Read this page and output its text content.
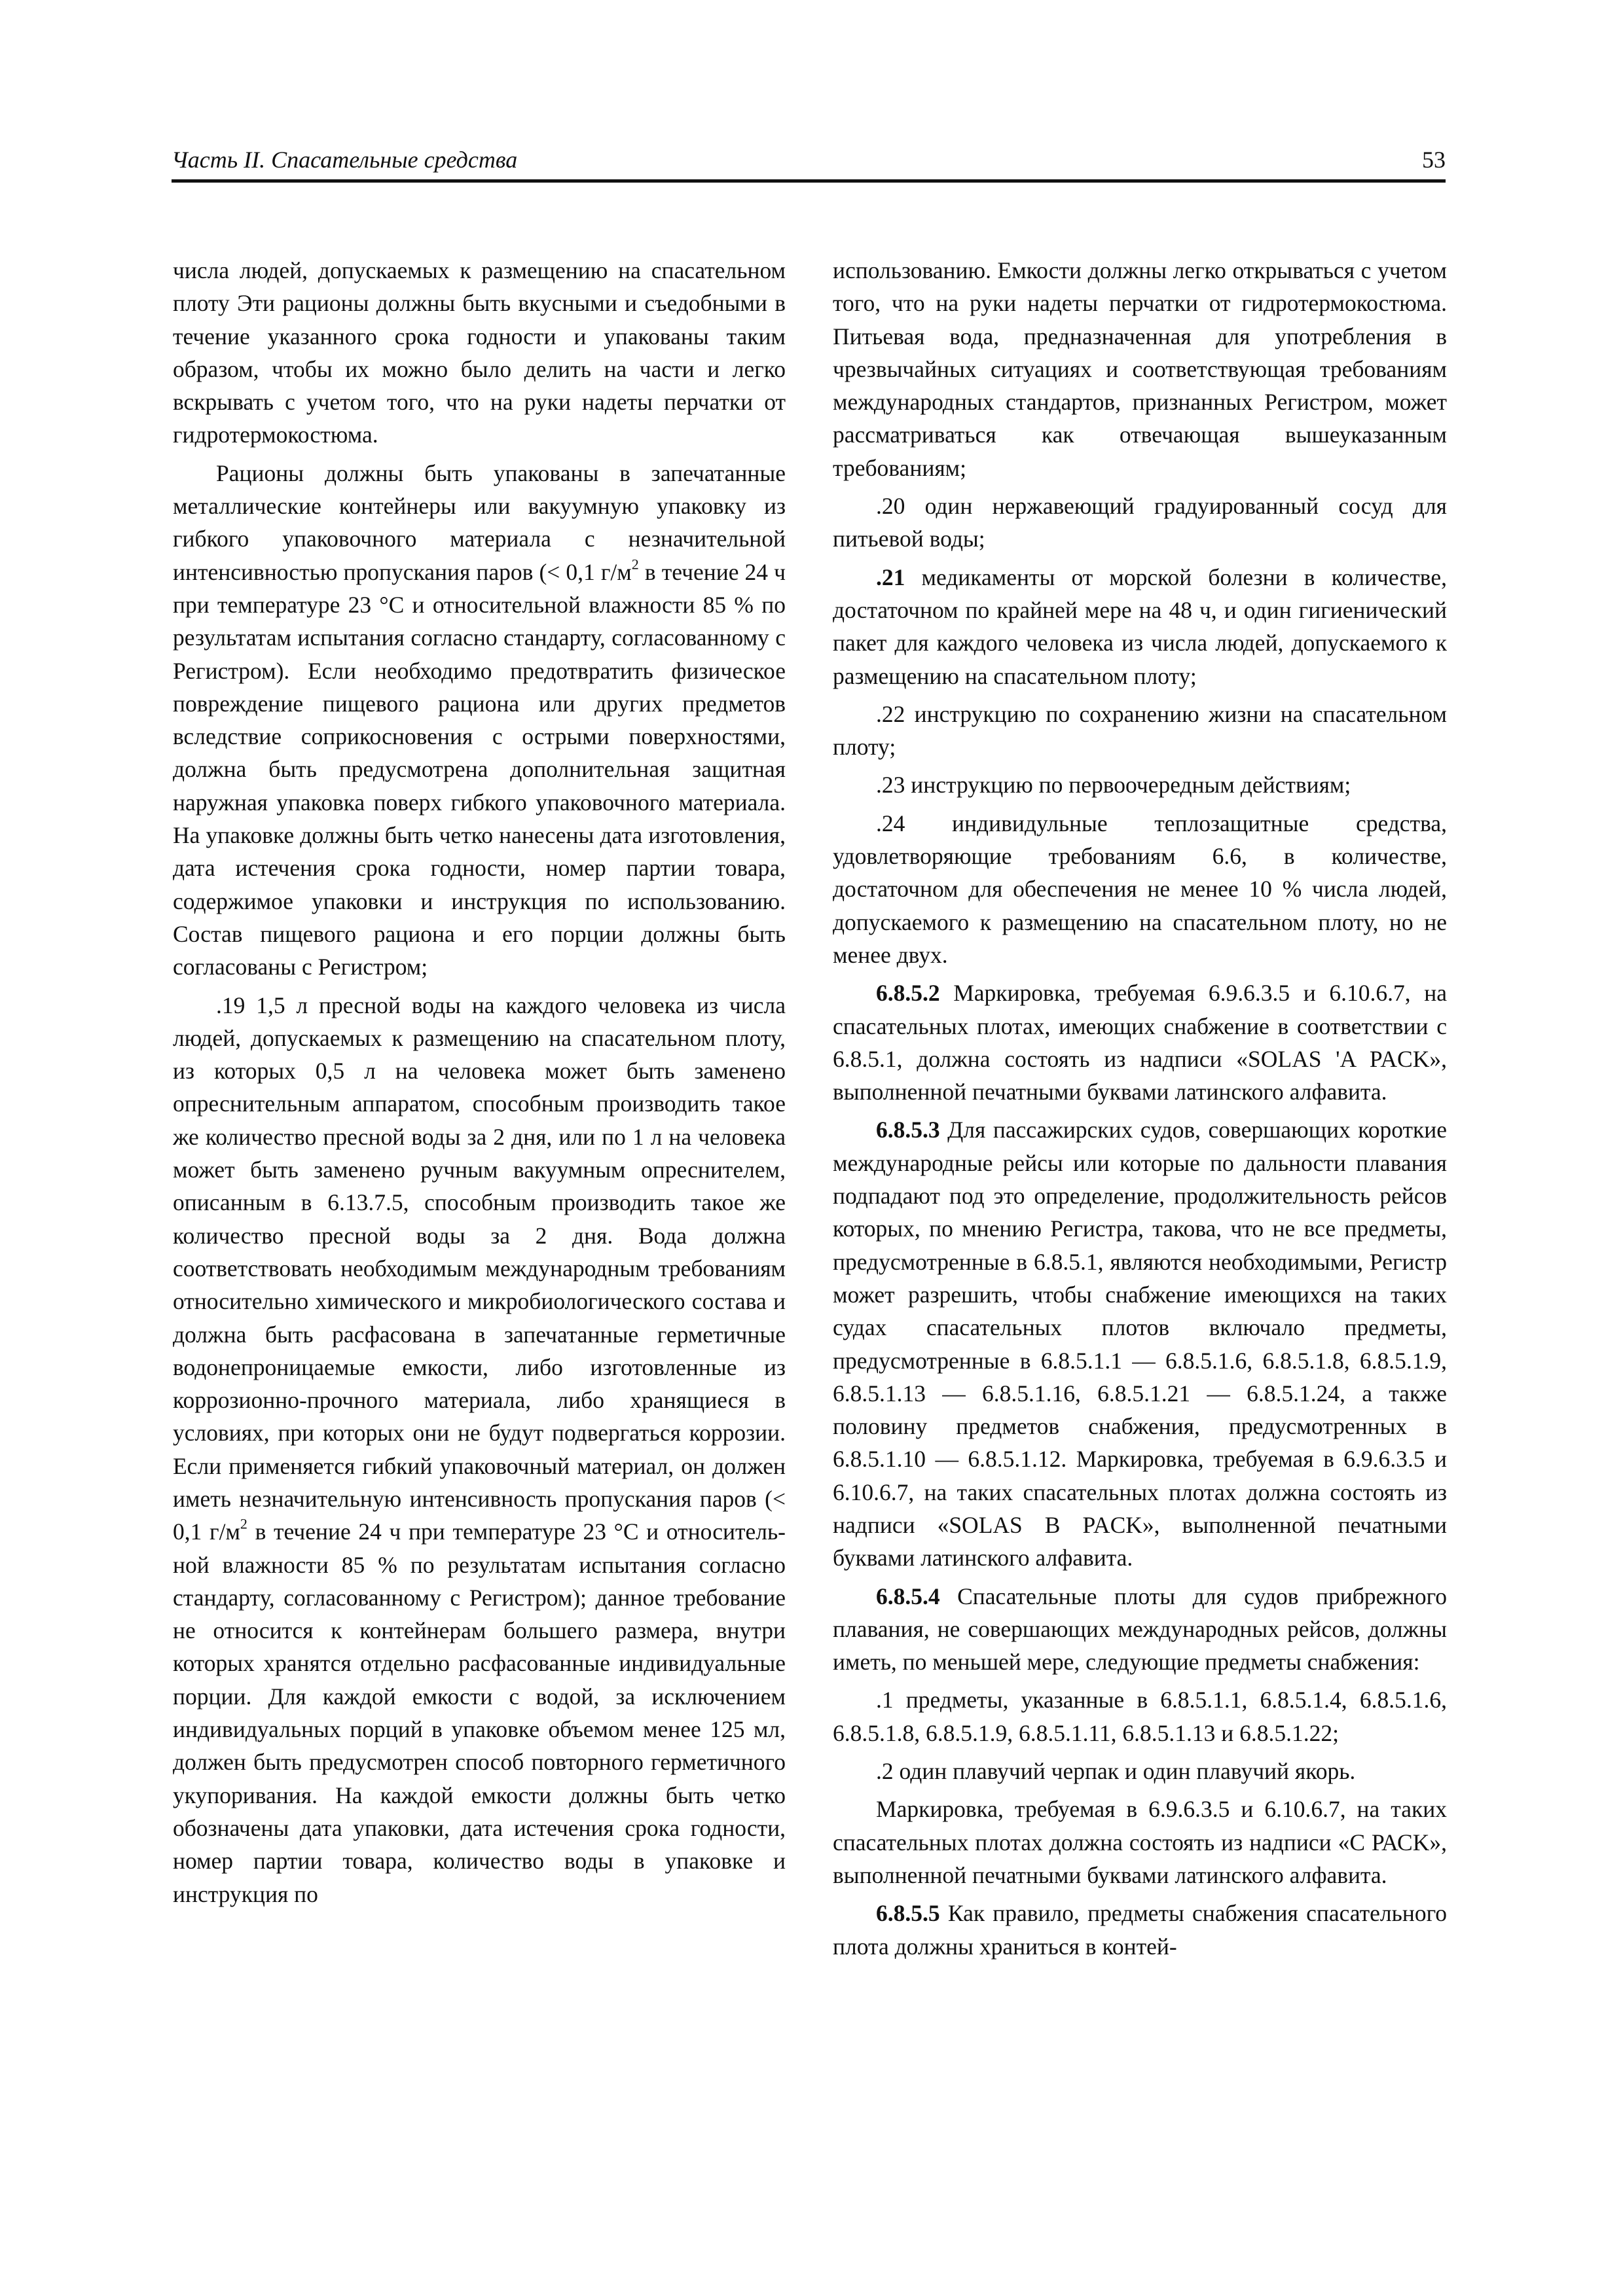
Часть II. Спасательные средства	53

числа людей, допускаемых к размещению на спасательном плоту Эти рационы должны быть вкусными и съедобными в течение указанного срока годности и упакованы таким образом, чтобы их можно было делить на части и легко вскрывать с учетом того, что на руки надеты перчатки от гидротермокостюма.

Рационы должны быть упакованы в запечатанные металлические контейнеры или вакуумную упаковку из гибкого упаковочного материала с незначительной интенсивностью пропускания паров (< 0,1 $г/м^2$ в течение 24 ч при температуре 23 °С и относительной влажности 85 % по результатам испытания согласно стандарту, согласованному с Регистром). Если необходимо предотвратить физическое повреждение пищевого рациона или других предметов вследствие соприкосновения с острыми поверхностями, должна быть предусмотрена дополнительная защитная наружная упаковка поверх гибкого упаковочного материала. На упаковке должны быть четко нанесены дата изготовления, дата истечения срока годности, номер партии товара, содержимое упаковки и инструкция по использованию. Состав пищевого рациона и его порции должны быть согласованы с Регистром;

.19 1,5 л пресной воды на каждого человека из числа людей, допускаемых к размещению на спасательном плоту, из которых 0,5 л на человека может быть заменено опреснительным аппаратом, способным производить такое же количество пресной воды за 2 дня, или по 1 л на человека может быть заменено ручным вакуумным опреснителем, описанным в 6.13.7.5, способным производить такое же количество пресной воды за 2 дня. Вода должна соответствовать необходимым международным требованиям относительно химического и микробиологического состава и должна быть расфасована в запечатанные герметичные водонепроницаемые емкости, либо изготовленные из коррозионно-прочного материала, либо хранящиеся в условиях, при которых они не будут подвергаться коррозии. Если применяется гибкий упаковочный материал, он должен иметь незначительную интенсивность пропускания паров (< 0,1 $г/м^2$ в течение 24 ч при температуре 23 °С и относительной влажности 85 % по результатам испытания согласно стандарту, согласованному с Регистром); данное требование не относится к контейнерам большего размера, внутри которых хранятся отдельно расфасованные индивидуальные порции. Для каждой емкости с водой, за исключением индивидуальных порций в упаковке объемом менее 125 мл, должен быть предусмотрен способ повторного герметичного укупоривания. На каждой емкости должны быть четко обозначены дата упаковки, дата истечения срока годности, номер партии товара, количество воды в упаковке и инструкция по

использованию. Емкости должны легко открываться с учетом того, что на руки надеты перчатки от гидротермокостюма. Питьевая вода, предназначенная для употребления в чрезвычайных ситуациях и соответствующая требованиям международных стандартов, признанных Регистром, может рассматриваться как отвечающая вышеуказанным требованиям;

.20 один нержавеющий градуированный сосуд для питьевой воды;

.21 медикаменты от морской болезни в количестве, достаточном по крайней мере на 48 ч, и один гигиенический пакет для каждого человека из числа людей, допускаемого к размещению на спасательном плоту;

.22 инструкцию по сохранению жизни на спасательном плоту;

.23 инструкцию по первоочередным действиям;

.24 индивидульные теплозащитные средства, удовлетворяющие требованиям 6.6, в количестве, достаточном для обеспечения не менее 10 % числа людей, допускаемого к размещению на спасательном плоту, но не менее двух.

6.8.5.2 Маркировка, требуемая 6.9.6.3.5 и 6.10.6.7, на спасательных плотах, имеющих снабжение в соответствии с 6.8.5.1, должна состоять из надписи «SOLAS 'A PACK», выполненной печатными буквами латинского алфавита.

6.8.5.3 Для пассажирских судов, совершающих короткие международные рейсы или которые по дальности плавания подпадают под это определение, продолжительность рейсов которых, по мнению Регистра, такова, что не все предметы, предусмотренные в 6.8.5.1, являются необходимыми, Регистр может разрешить, чтобы снабжение имеющихся на таких судах спасательных плотов включало предметы, предусмотренные в 6.8.5.1.1 — 6.8.5.1.6, 6.8.5.1.8, 6.8.5.1.9, 6.8.5.1.13 — 6.8.5.1.16, 6.8.5.1.21 — 6.8.5.1.24, а также половину предметов снабжения, предусмотренных в 6.8.5.1.10 — 6.8.5.1.12. Маркировка, требуемая в 6.9.6.3.5 и 6.10.6.7, на таких спасательных плотах должна состоять из надписи «SOLAS В PACK», выполненной печатными буквами латинского алфавита.

6.8.5.4 Спасательные плоты для судов прибрежного плавания, не совершающих международных рейсов, должны иметь, по меньшей мере, следующие предметы снабжения:

.1 предметы, указанные в 6.8.5.1.1, 6.8.5.1.4, 6.8.5.1.6, 6.8.5.1.8, 6.8.5.1.9, 6.8.5.1.11, 6.8.5.1.13 и 6.8.5.1.22;

.2 один плавучий черпак и один плавучий якорь.

Маркировка, требуемая в 6.9.6.3.5 и 6.10.6.7, на таких спасательных плотах должна состоять из надписи «С РАСK», выполненной печатными буквами латинского алфавита.

6.8.5.5 Как правило, предметы снабжения спасательного плота должны храниться в контей-
